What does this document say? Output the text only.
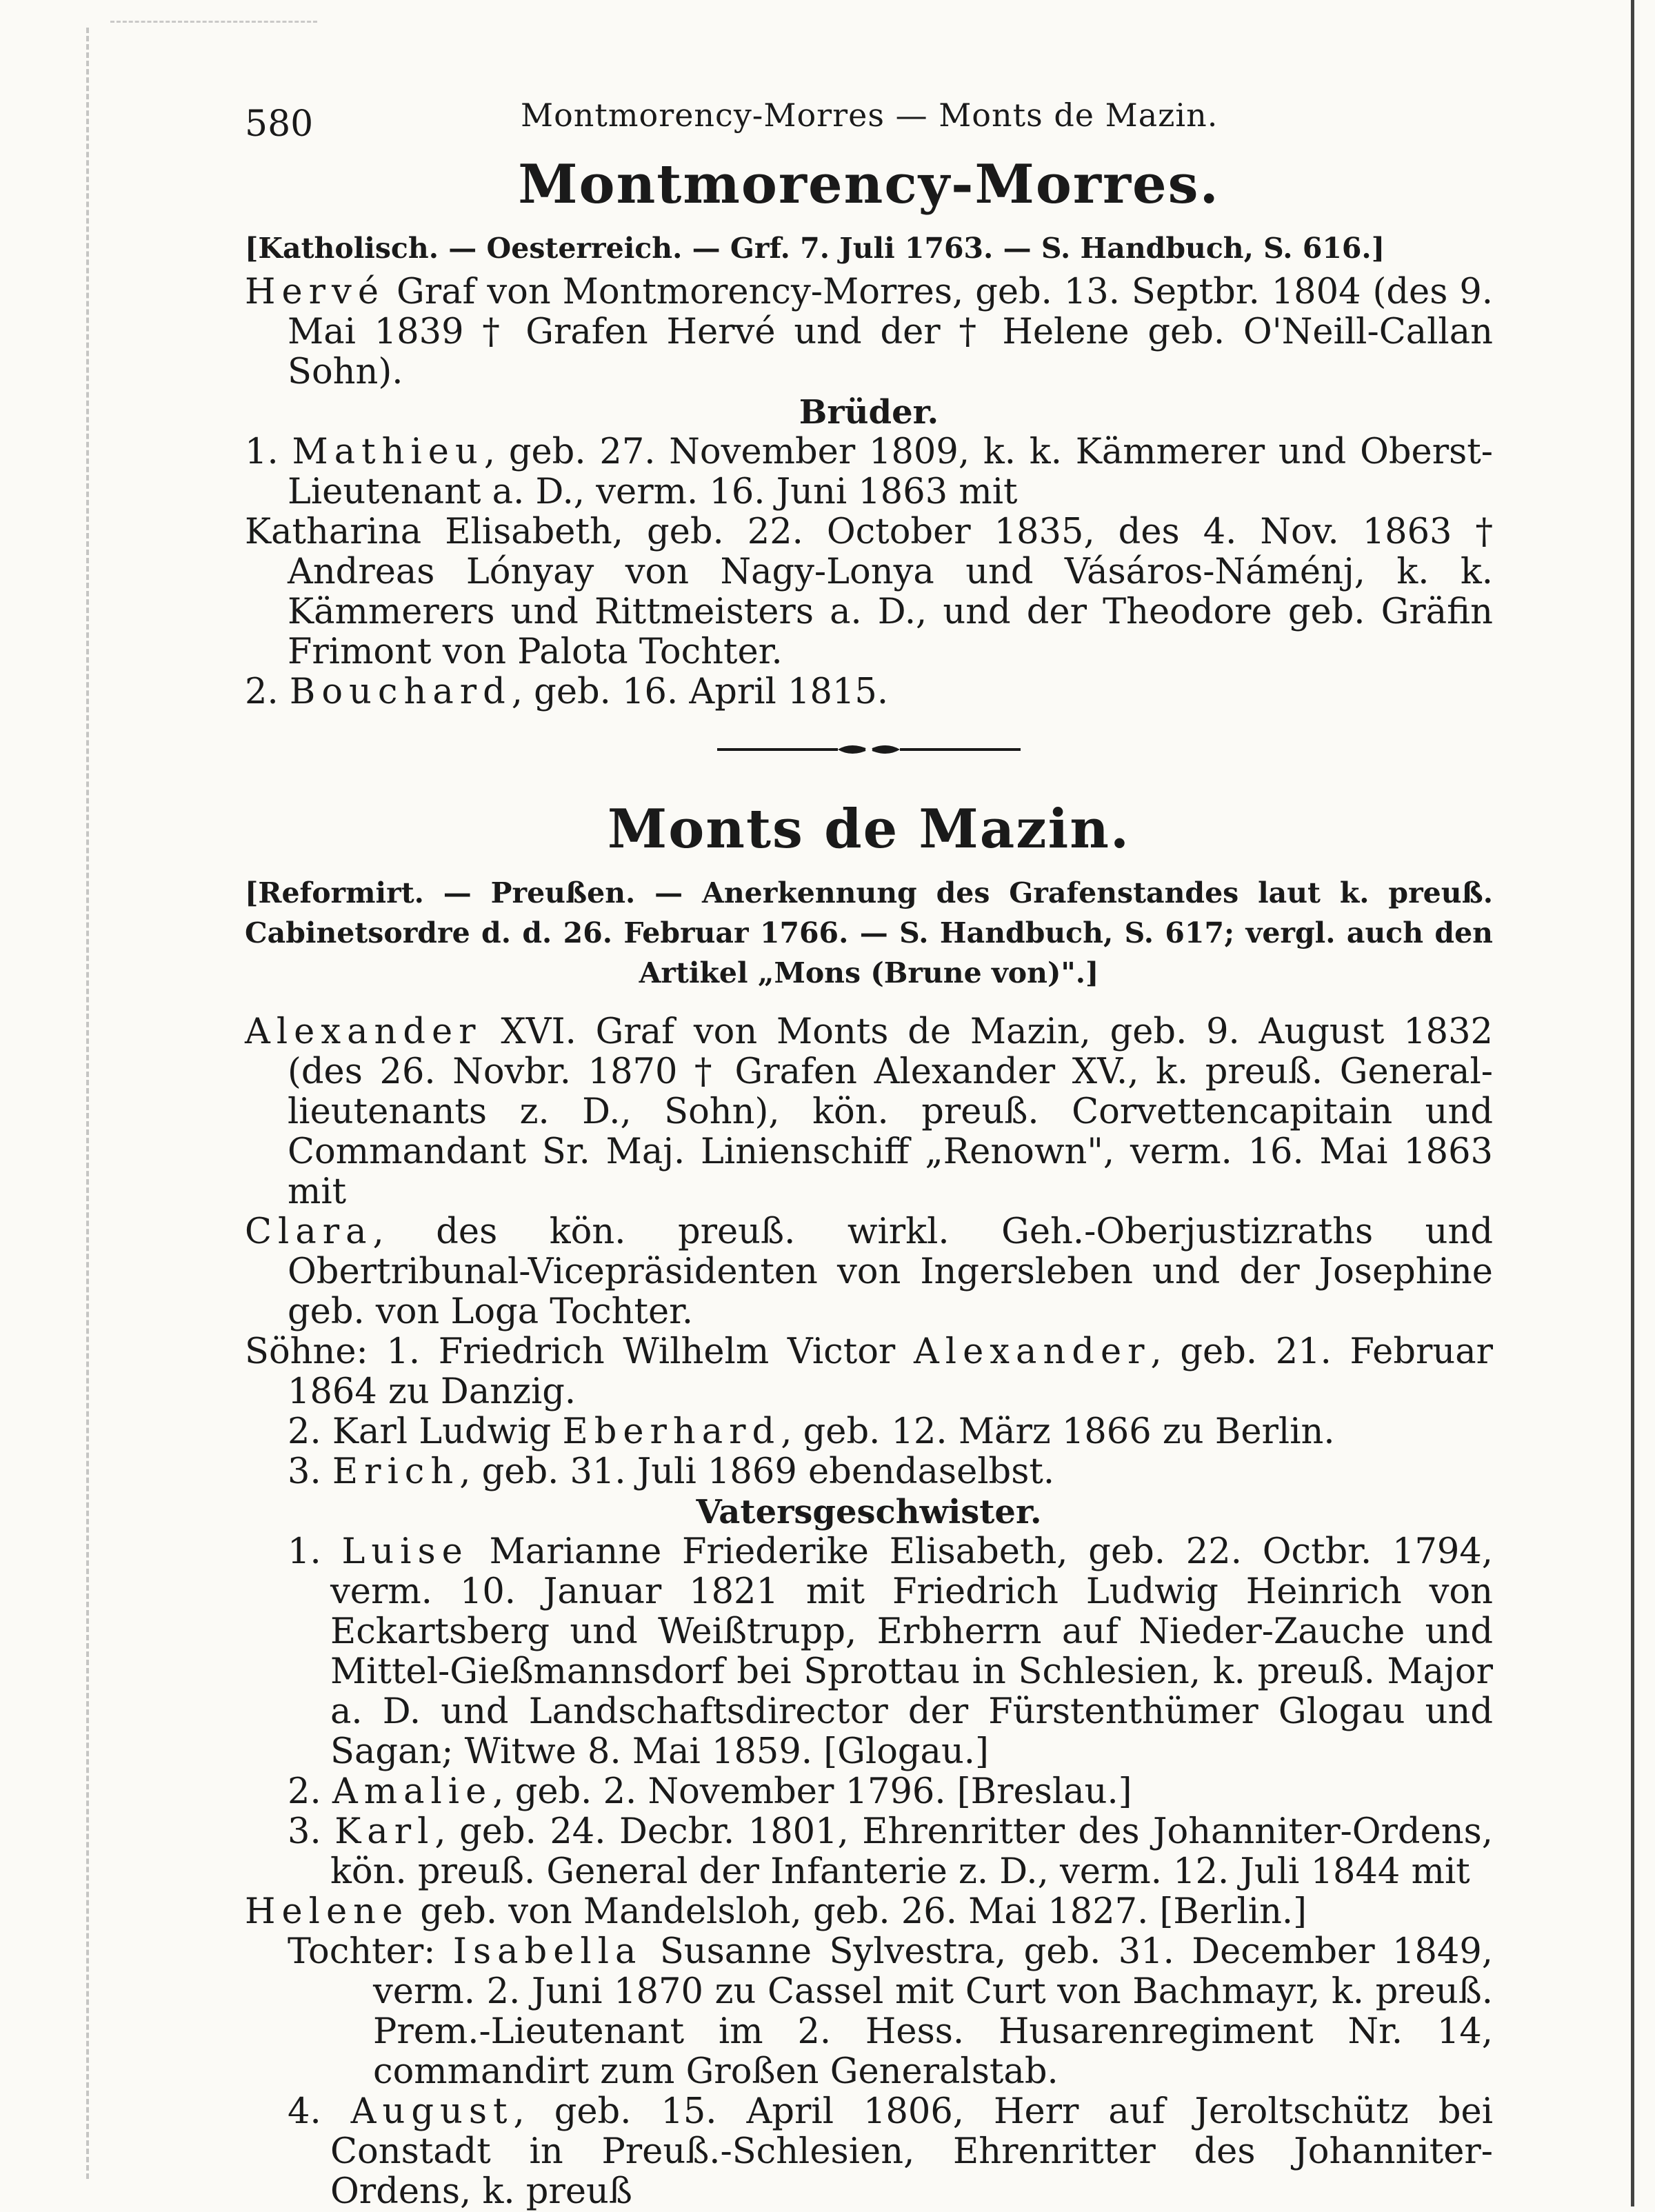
580	Montmorency-Morres — Monts de Mazin.
Montmorency-Morres.
[Katholisch. — Oesterreich. — Grf. 7. Juli 1763. — S. Handbuch, S. 616.]
Hervé Graf von Montmorency-Morres, geb. 13. Septbr. 1804 (des 9. Mai 1839 † Grafen Hervé und der † Helene geb. O'Neill-Callan Sohn).
Brüder.
1. Mathieu, geb. 27. November 1809, k. k. Kämmerer und Oberst-Lieutenant a. D., verm. 16. Juni 1863 mit
Katharina Elisabeth, geb. 22. October 1835, des 4. Nov. 1863 † Andreas Lónyay von Nagy-Lonya und Vásáros-Náménj, k. k. Kämmerers und Rittmeisters a. D., und der Theodore geb. Gräfin Frimont von Palota Tochter.
2. Bouchard, geb. 16. April 1815.
Monts de Mazin.
[Reformirt. — Preußen. — Anerkennung des Grafenstandes laut k. preuß. Cabinetsordre d. d. 26. Februar 1766. — S. Handbuch, S. 617; vergl. auch den Artikel „Mons (Brune von)".]
Alexander XVI. Graf von Monts de Mazin, geb. 9. August 1832 (des 26. Novbr. 1870 † Grafen Alexander XV., k. preuß. General-lieutenants z. D., Sohn), kön. preuß. Corvettencapitain und Commandant Sr. Maj. Linienschiff „Renown", verm. 16. Mai 1863 mit
Clara, des kön. preuß. wirkl. Geh.-Oberjustizraths und Obertribunal-Vicepräsidenten von Ingersleben und der Josephine geb. von Loga Tochter.
Söhne: 1. Friedrich Wilhelm Victor Alexander, geb. 21. Februar 1864 zu Danzig.
2. Karl Ludwig Eberhard, geb. 12. März 1866 zu Berlin.
3. Erich, geb. 31. Juli 1869 ebendaselbst.
Vatersgeschwister.
1. Luise Marianne Friederike Elisabeth, geb. 22. Octbr. 1794, verm. 10. Januar 1821 mit Friedrich Ludwig Heinrich von Eckartsberg und Weißtrupp, Erbherrn auf Nieder-Zauche und Mittel-Gießmannsdorf bei Sprottau in Schlesien, k. preuß. Major a. D. und Landschaftsdirector der Fürstenthümer Glogau und Sagan; Witwe 8. Mai 1859. [Glogau.]
2. Amalie, geb. 2. November 1796. [Breslau.]
3. Karl, geb. 24. Decbr. 1801, Ehrenritter des Johanniter-Ordens, kön. preuß. General der Infanterie z. D., verm. 12. Juli 1844 mit
Helene geb. von Mandelsloh, geb. 26. Mai 1827. [Berlin.]
Tochter: Isabella Susanne Sylvestra, geb. 31. December 1849, verm. 2. Juni 1870 zu Cassel mit Curt von Bachmayr, k. preuß. Prem.-Lieutenant im 2. Hess. Husarenregiment Nr. 14, commandirt zum Großen Generalstab.
4. August, geb. 15. April 1806, Herr auf Jeroltschütz bei Constadt in Preuß.-Schlesien, Ehrenritter des Johanniter-Ordens, k. preuß
